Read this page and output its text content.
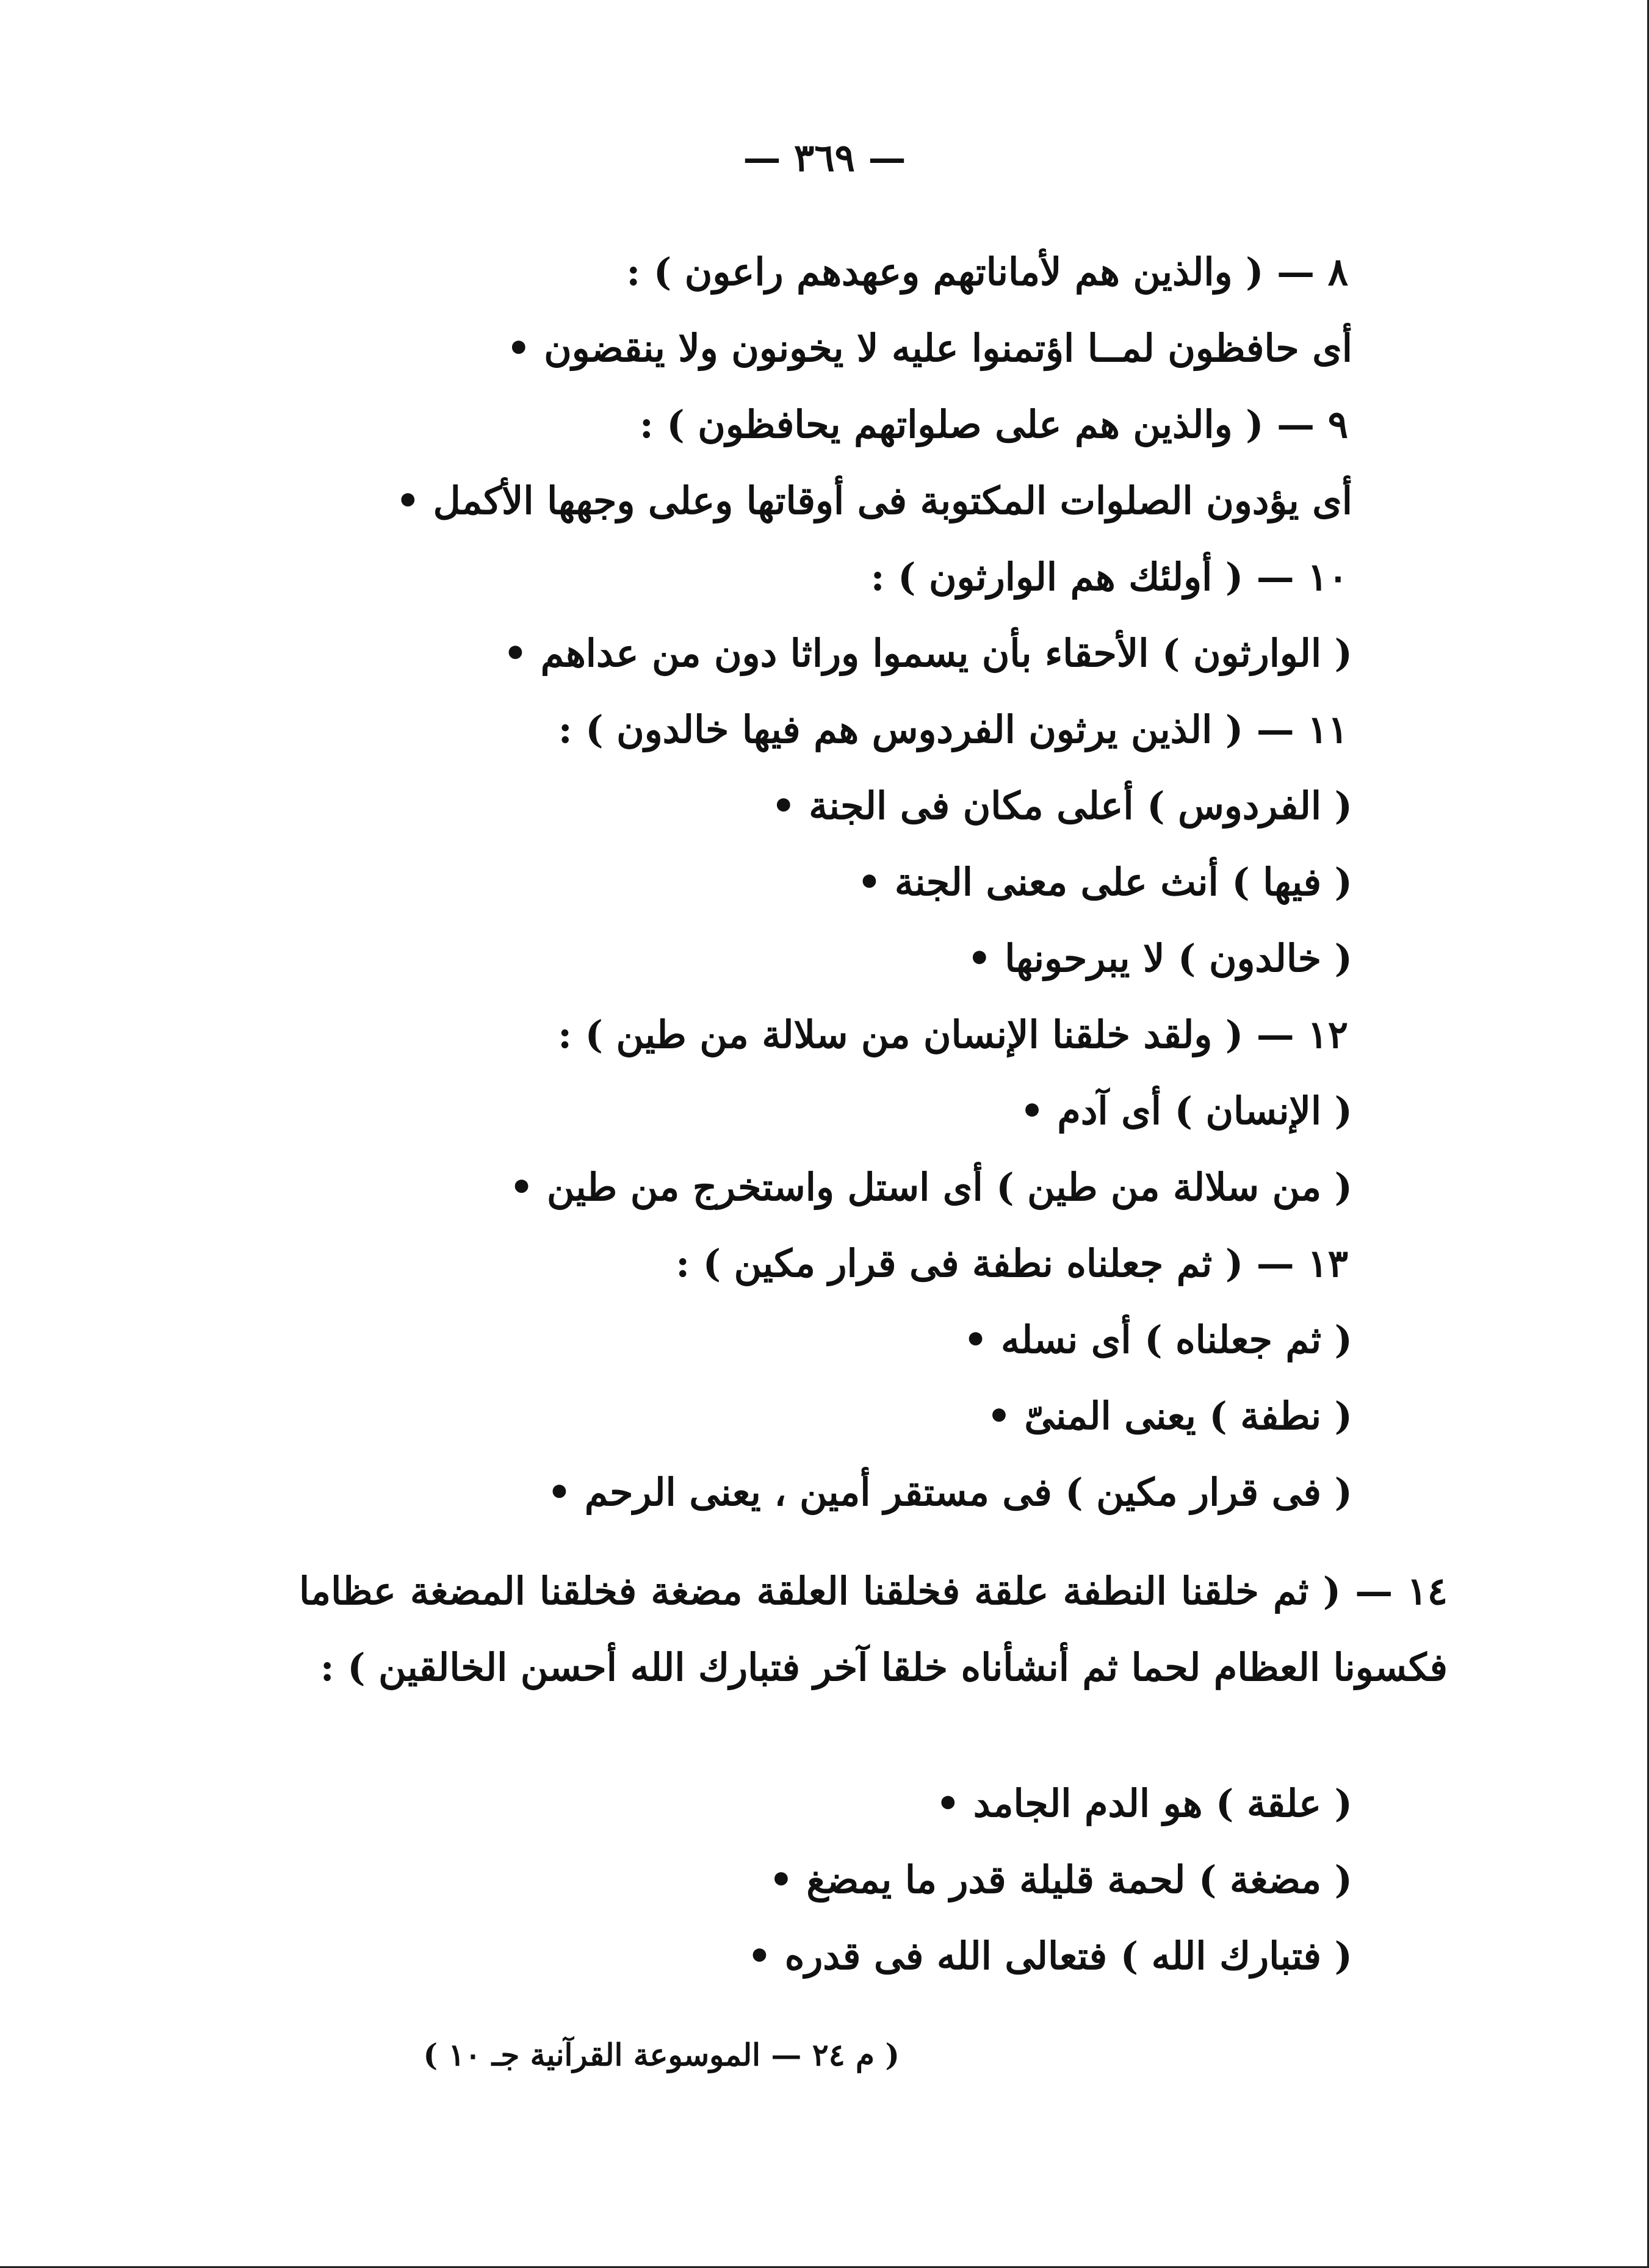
— ٣٦٩ —
٨ — ( والذين هم لأماناتهم وعهدهم راعون ) :
أى حافظون لمــا اؤتمنوا عليه لا يخونون ولا ينقضون •
٩ — ( والذين هم على صلواتهم يحافظون ) :
أى يؤدون الصلوات المكتوبة فى أوقاتها وعلى وجهها الأكمل •
١٠ — ( أولئك هم الوارثون ) :
( الوارثون ) الأحقاء بأن يسموا وراثا دون من عداهم •
١١ — ( الذين يرثون الفردوس هم فيها خالدون ) :
( الفردوس ) أعلى مكان فى الجنة •
( فيها ) أنث على معنى الجنة •
( خالدون ) لا يبرحونها •
١٢ — ( ولقد خلقنا الإنسان من سلالة من طين ) :
( الإنسان ) أى آدم •
( من سلالة من طين ) أى استل واستخرج من طين •
١٣ — ( ثم جعلناه نطفة فى قرار مكين ) :
( ثم جعلناه ) أى نسله •
( نطفة ) يعنى المنىّ •
( فى قرار مكين ) فى مستقر أمين ، يعنى الرحم •
١٤ — ( ثم خلقنا النطفة علقة فخلقنا العلقة مضغة فخلقنا المضغة عظاما فكسونا العظام لحما ثم أنشأناه خلقا آخر فتبارك الله أحسن الخالقين ) :
( علقة ) هو الدم الجامد •
( مضغة ) لحمة قليلة قدر ما يمضغ •
( فتبارك الله ) فتعالى الله فى قدره •
( م ٢٤ — الموسوعة القرآنية جـ ١٠ )
